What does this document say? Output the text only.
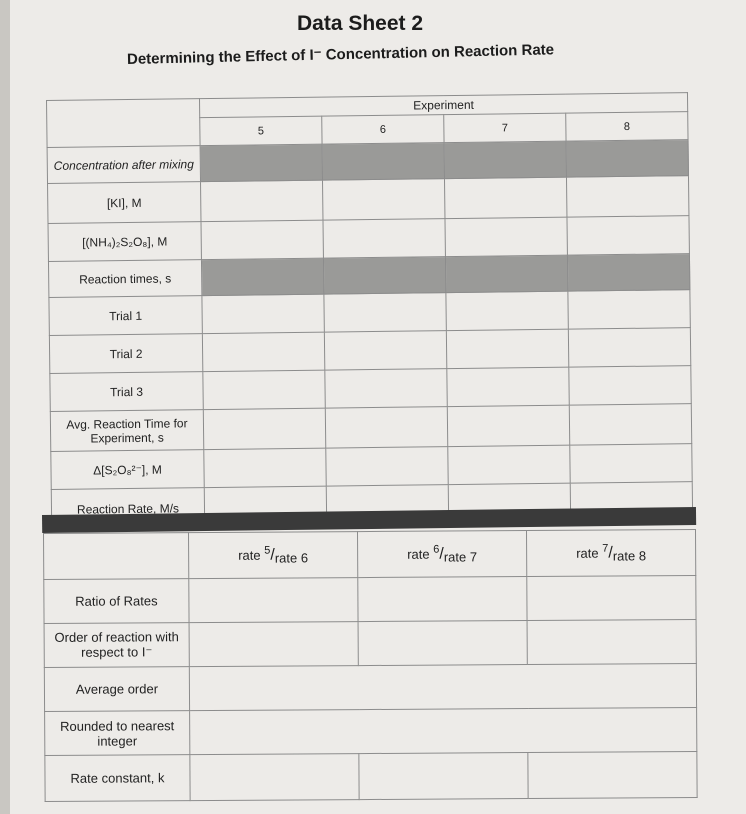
Data Sheet 2
Determining the Effect of I⁻ Concentration on Reaction Rate
	Experiment			
	5	6	7	8
Concentration after mixing				
[KI], M				
[(NH₄)₂S₂O₈], M				
Reaction times, s				
Trial 1				
Trial 2				
Trial 3				
Avg. Reaction Time for Experiment, s				
Δ[S₂O₈²⁻], M				
Reaction Rate, M/s				
	rate $^5$/rate 6	rate $^6$/rate 7	rate $^7$/rate 8
Ratio of Rates			
Order of reaction with respect to I⁻			
Average order			
Rounded to nearest integer			
Rate constant, k			
